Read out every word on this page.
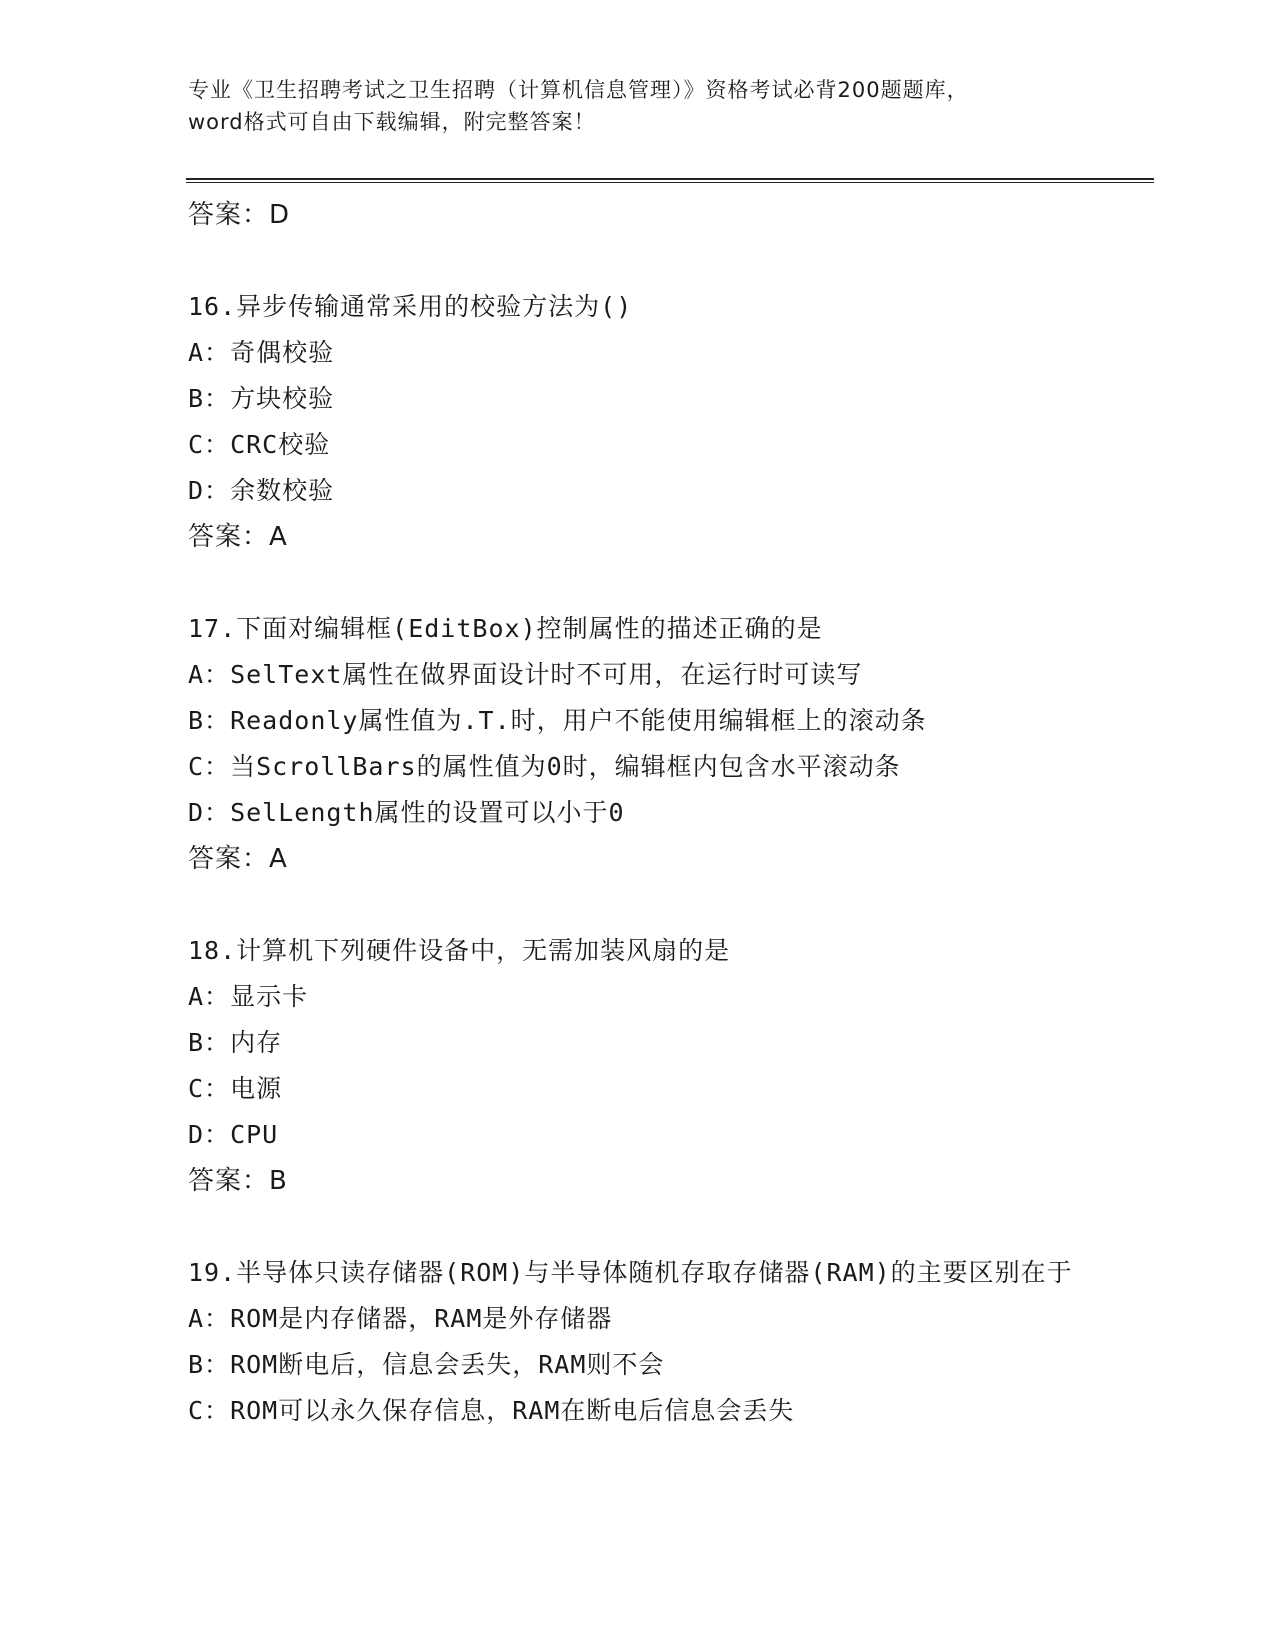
专业《卫生招聘考试之卫生招聘（计算机信息管理）》资格考试必背200题题库，
word格式可自由下载编辑，附完整答案！
答案：D
16.异步传输通常采用的校验方法为()
A： 奇偶校验
B： 方块校验
C： CRC校验
D： 余数校验
答案：A
17.下面对编辑框(EditBox)控制属性的描述正确的是
A： SelText属性在做界面设计时不可用，在运行时可读写
B： Readonly属性值为.T.时，用户不能使用编辑框上的滚动条
C： 当ScrollBars的属性值为0时，编辑框内包含水平滚动条
D： SelLength属性的设置可以小于0
答案：A
18.计算机下列硬件设备中，无需加装风扇的是
A： 显示卡
B： 内存
C： 电源
D： CPU
答案：B
19.半导体只读存储器(ROM)与半导体随机存取存储器(RAM)的主要区别在于
A： ROM是内存储器，RAM是外存储器
B： ROM断电后，信息会丢失，RAM则不会
C： ROM可以永久保存信息，RAM在断电后信息会丢失
